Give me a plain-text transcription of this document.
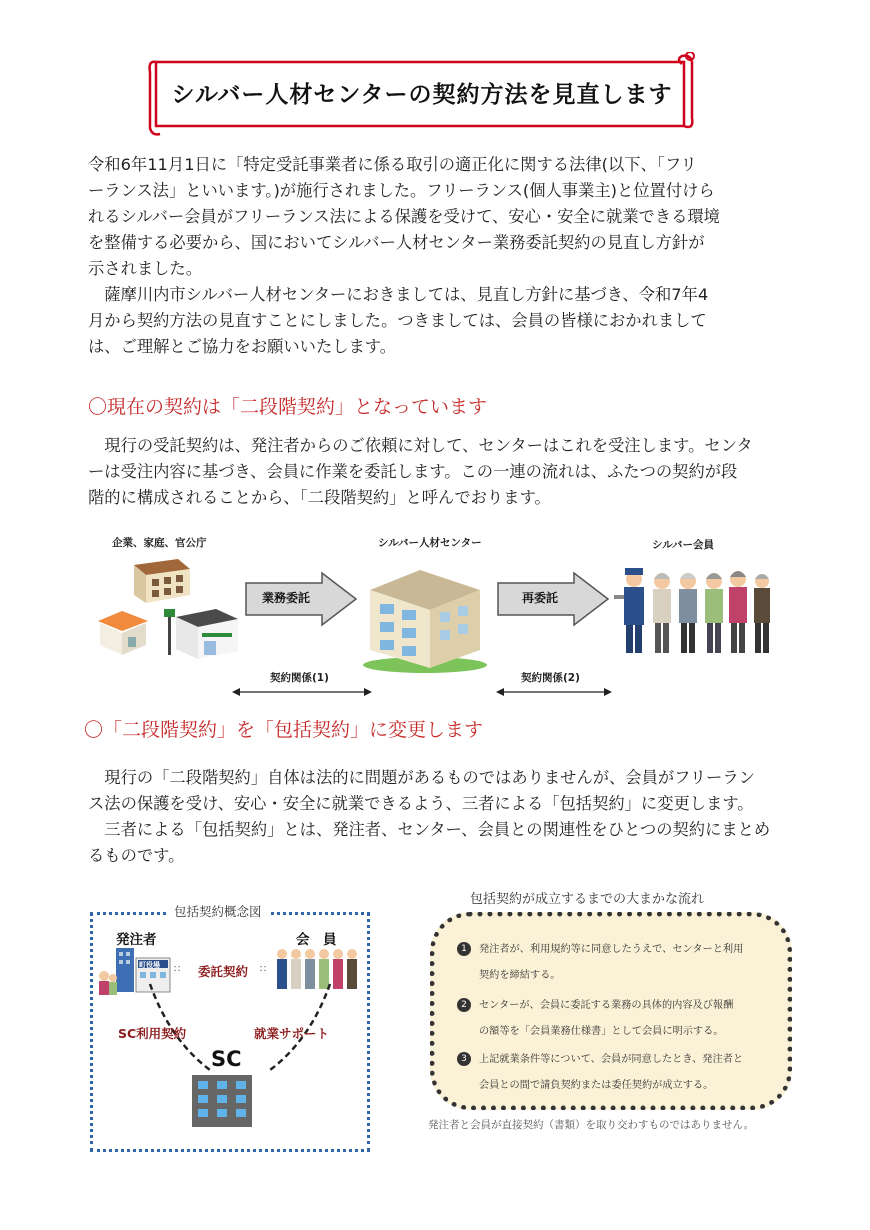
シルバー人材センターの契約方法を見直します

令和6年11月1日に「特定受託事業者に係る取引の適正化に関する法律(以下、「フリ

ーランス法」といいます。)が施行されました。フリーランス(個人事業主)と位置付けら

れるシルバー会員がフリーランス法による保護を受けて、安心・安全に就業できる環境

を整備する必要から、国においてシルバー人材センター業務委託契約の見直し方針が

示されました。

　薩摩川内市シルバー人材センターにおきましては、見直し方針に基づき、令和7年4

月から契約方法の見直すことにしました。つきましては、会員の皆様におかれまして

は、ご理解とご協力をお願いいたします。

〇現在の契約は「二段階契約」となっています

　現行の受託契約は、発注者からのご依頼に対して、センターはこれを受注します。センタ

ーは受注内容に基づき、会員に作業を委託します。この一連の流れは、ふたつの契約が段

階的に構成されることから、「二段階契約」と呼んでおります。

企業、家庭、官公庁	シルバー人材センター	シルバー会員
業務委託	再委託
契約関係(1)	契約関係(2)
〇「二段階契約」を「包括契約」に変更します

　現行の「二段階契約」自体は法的に問題があるものではありませんが、会員がフリーラン

ス法の保護を受け、安心・安全に就業できるよう、三者による「包括契約」に変更します。

　三者による「包括契約」とは、発注者、センター、会員との関連性をひとつの契約にまとめ

るものです。

包括契約概念図
発注者	会　員
町役場 ∷ 委託契約 ∷
SC利用契約	就業サポート
SC
包括契約が成立するまでの大まかな流れ
1 発注者が、利用規約等に同意したうえで、センターと利用
契約を締結する。
2 センターが、会員に委託する業務の具体的内容及び報酬
の額等を「会員業務仕様書」として会員に明示する。
3 上記就業条件等について、会員が同意したとき、発注者と
会員との間で請負契約または委任契約が成立する。
発注者と会員が直接契約（書類）を取り交わすものではありません。
